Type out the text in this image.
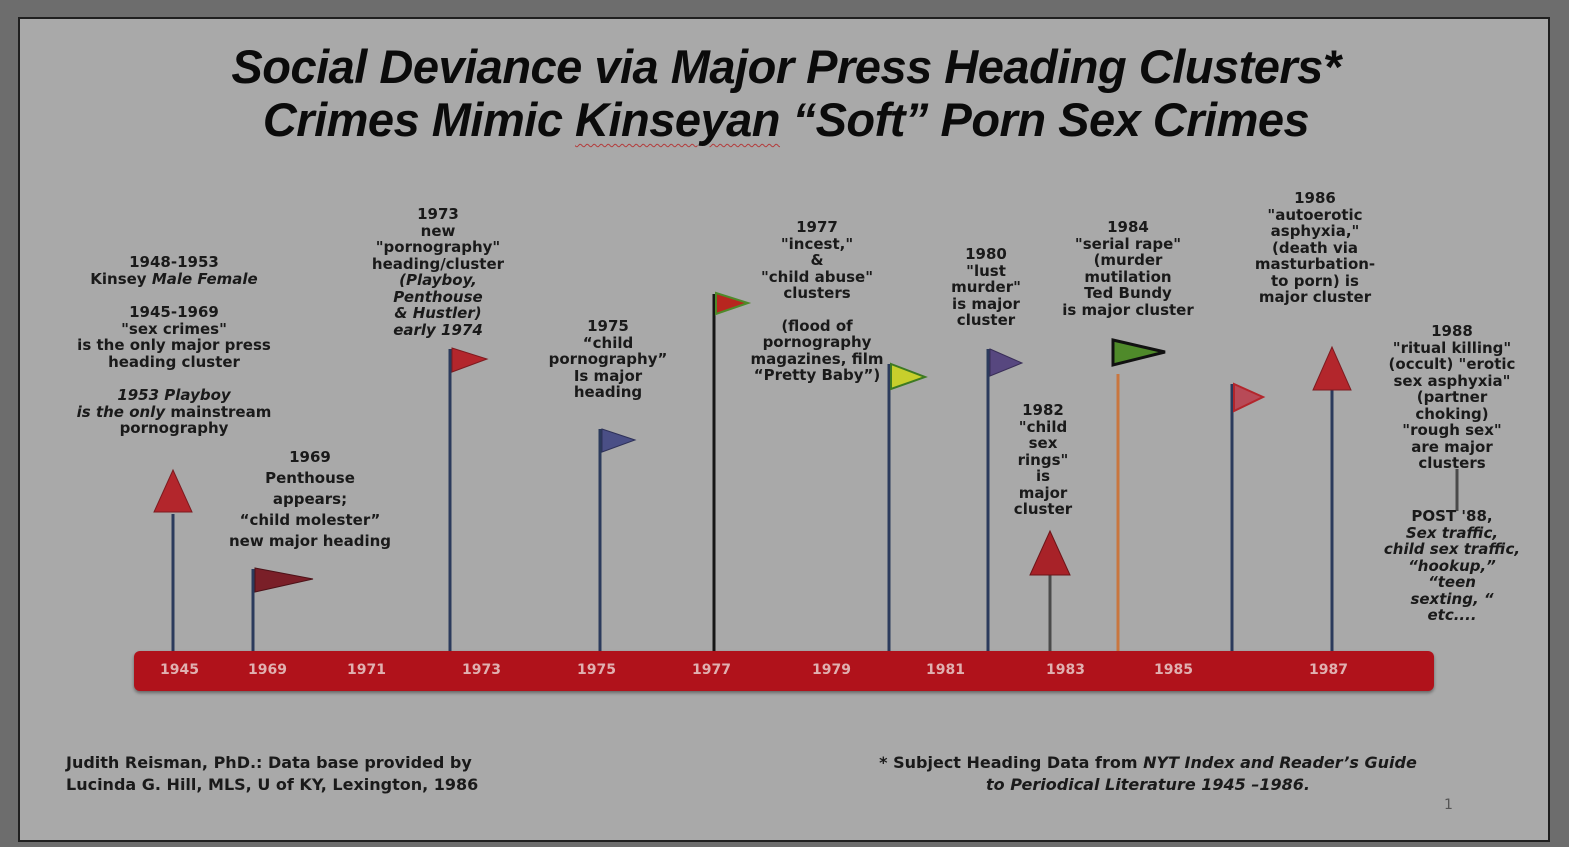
Social Deviance via Major Press Heading Clusters*
Crimes Mimic Kinseyan “Soft” Porn Sex Crimes
1945	1969	1971	1973	1975	1977	1979	1981	1983	1985	1987
1948-1953
Kinsey Male Female
1945-1969
"sex crimes"
is the only major press
heading cluster
1953 Playboy
is the only mainstream
pornography
1969
Penthouse
appears;
“child molester”
new major heading
1973
new
"pornography"
heading/cluster
(Playboy,
Penthouse
& Hustler)
early 1974	1975
“child
pornography”
Is major
heading
1977
"incest,"
&
"child abuse"
clusters
(flood of
pornography
magazines, film
“Pretty Baby”)
1980
"lust
murder"
is major
cluster
1982
"child
sex
rings"
is
major
cluster
1984
"serial rape"
(murder
mutilation
Ted Bundy
is major cluster
1986
"autoerotic
asphyxia,"
(death via
masturbation-
to porn) is
major cluster
1988
"ritual killing"
(occult) "erotic
sex asphyxia"
(partner
choking)
"rough sex"
are major
clusters
POST '88,
Sex traffic,
child sex traffic,
“hookup,”
“teen
sexting, “
etc....
Judith Reisman, PhD.: Data base provided by
Lucinda G. Hill, MLS, U of KY, Lexington, 1986
* Subject Heading Data from NYT Index and Reader’s Guide
to Periodical Literature 1945 –1986.
1
